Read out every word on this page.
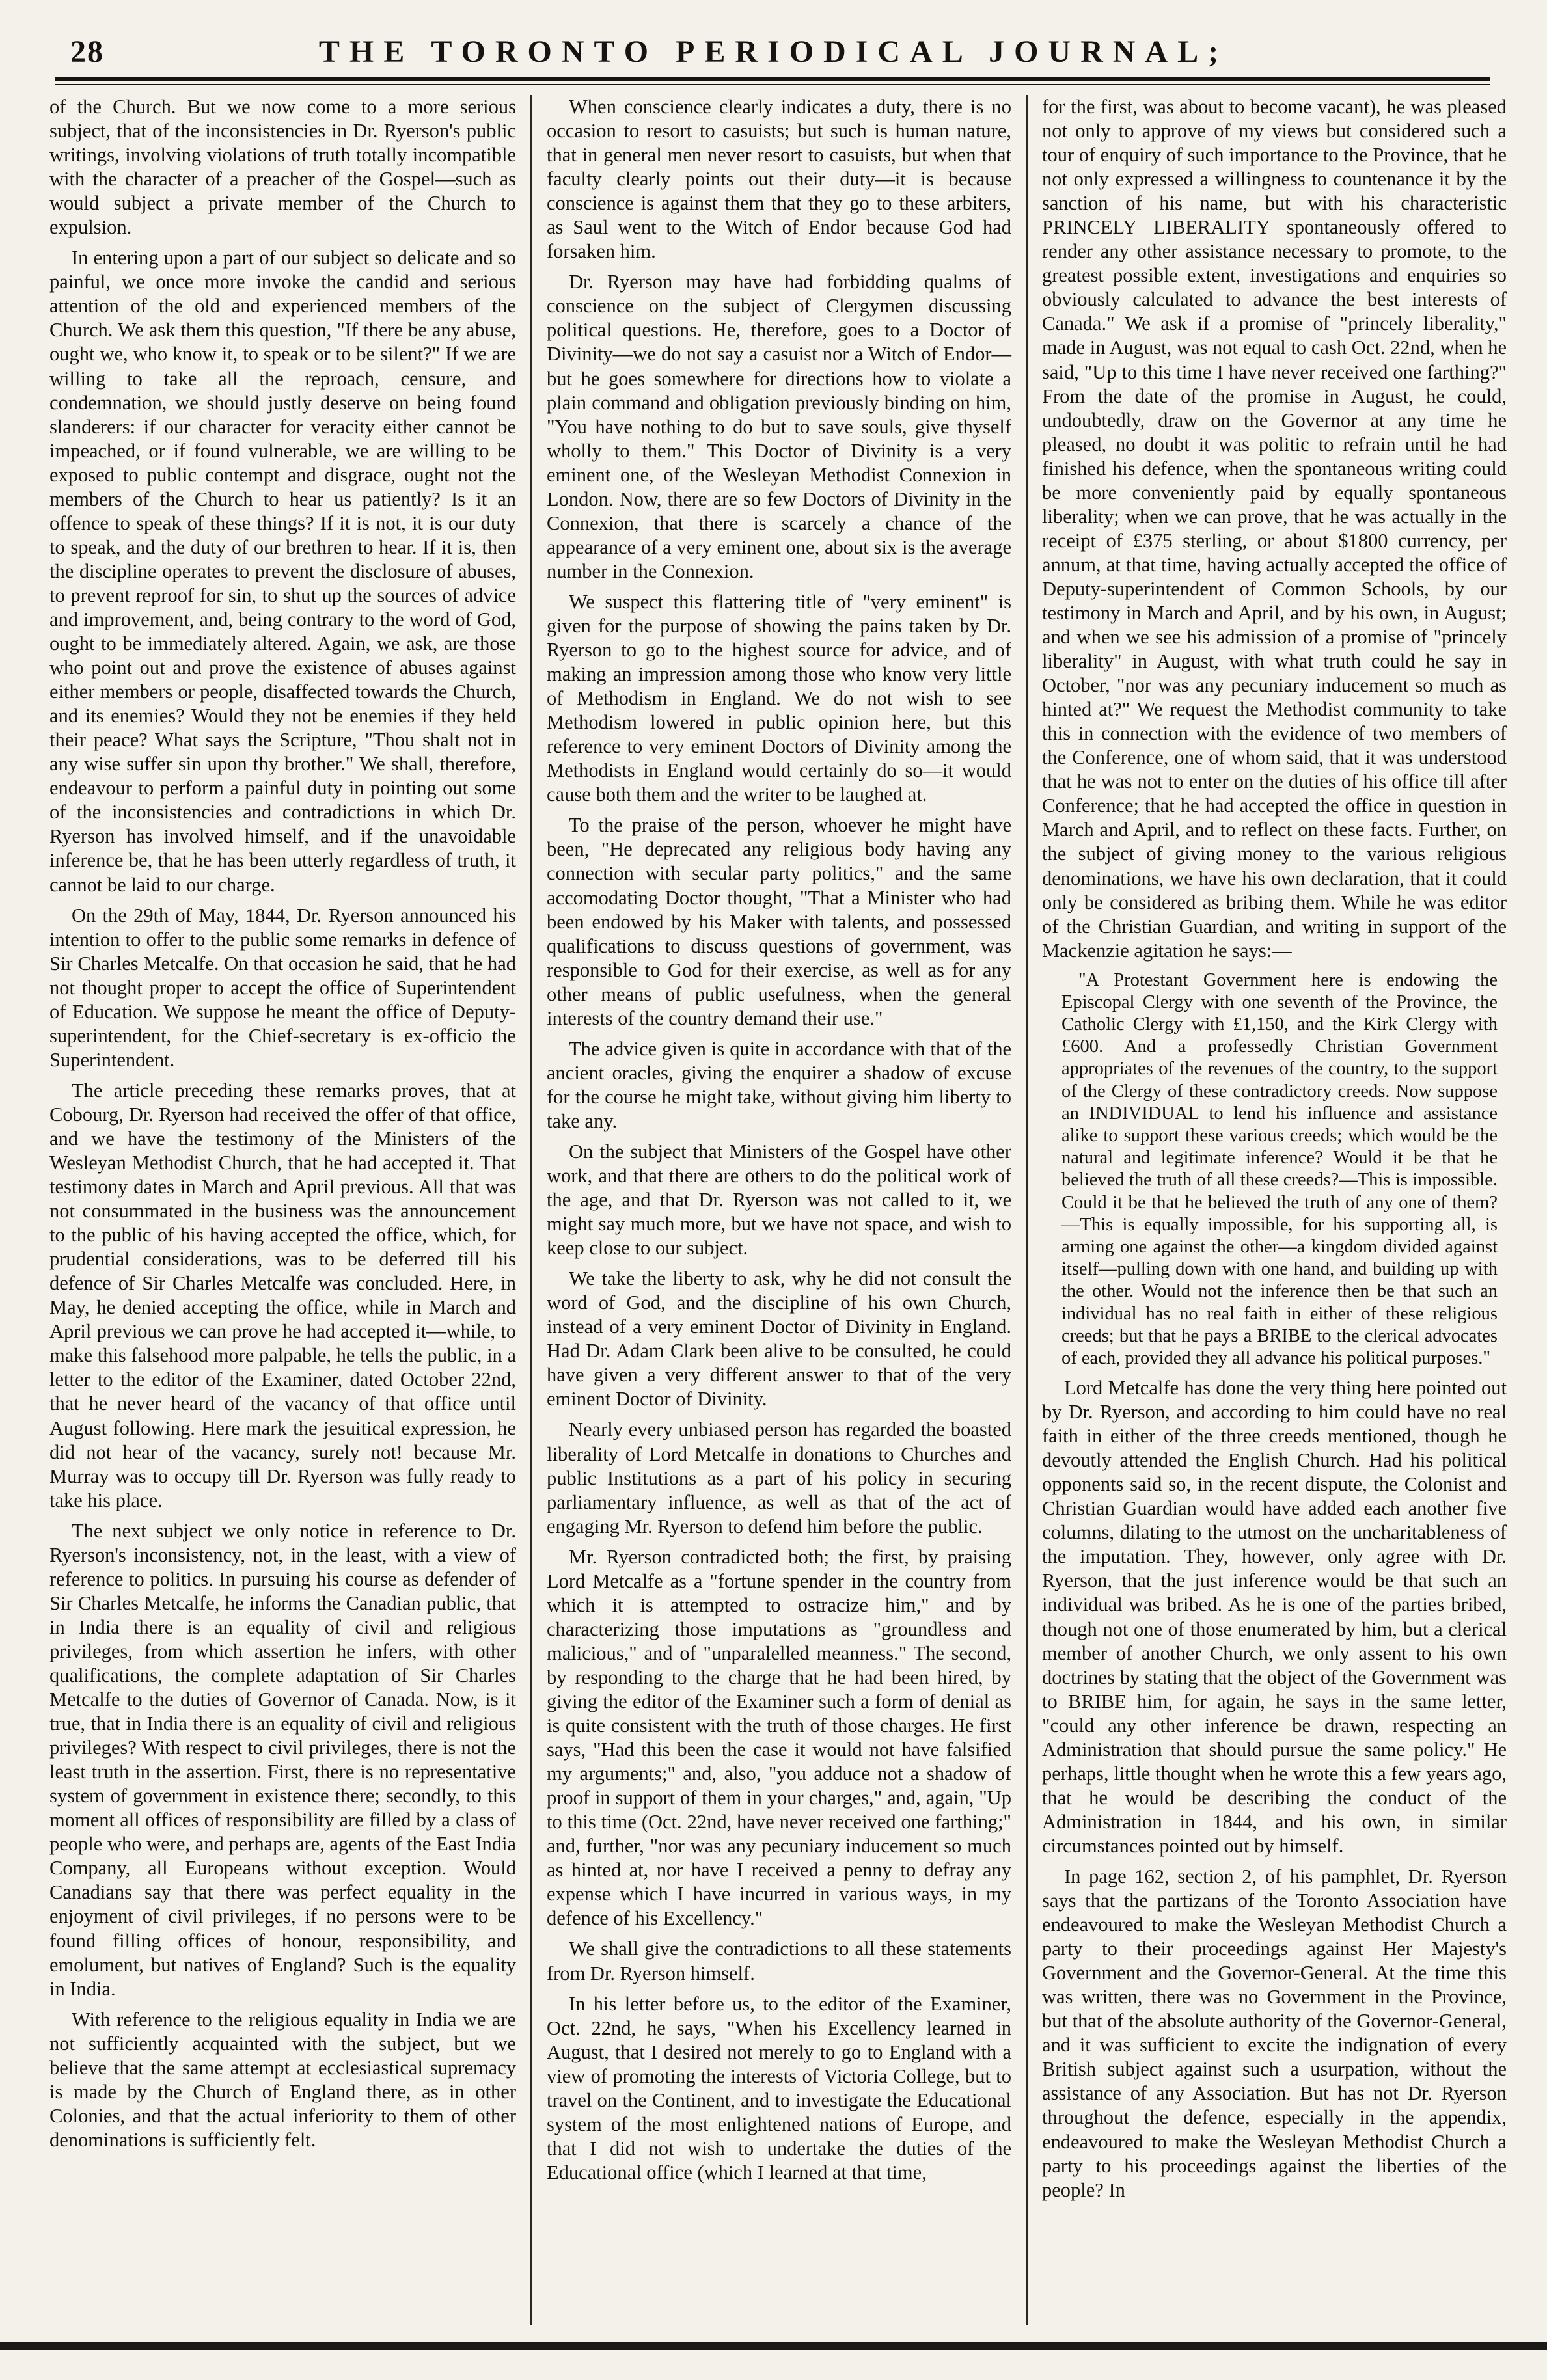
28	THE TORONTO PERIODICAL JOURNAL;

of the Church. But we now come to a more serious subject, that of the inconsistencies in Dr. Ryerson's public writings, involving violations of truth totally incompatible with the character of a preacher of the Gospel—such as would subject a private member of the Church to expulsion.

In entering upon a part of our subject so delicate and so painful, we once more invoke the candid and serious attention of the old and experienced members of the Church. We ask them this question, "If there be any abuse, ought we, who know it, to speak or to be silent?" If we are willing to take all the reproach, censure, and condemnation, we should justly deserve on being found slanderers: if our character for veracity either cannot be impeached, or if found vulnerable, we are willing to be exposed to public contempt and disgrace, ought not the members of the Church to hear us patiently? Is it an offence to speak of these things? If it is not, it is our duty to speak, and the duty of our brethren to hear. If it is, then the discipline operates to prevent the disclosure of abuses, to prevent reproof for sin, to shut up the sources of advice and improvement, and, being contrary to the word of God, ought to be immediately altered. Again, we ask, are those who point out and prove the existence of abuses against either members or people, disaffected towards the Church, and its enemies? Would they not be enemies if they held their peace? What says the Scripture, "Thou shalt not in any wise suffer sin upon thy brother." We shall, therefore, endeavour to perform a painful duty in pointing out some of the inconsistencies and contradictions in which Dr. Ryerson has involved himself, and if the unavoidable inference be, that he has been utterly regardless of truth, it cannot be laid to our charge.

On the 29th of May, 1844, Dr. Ryerson announced his intention to offer to the public some remarks in defence of Sir Charles Metcalfe. On that occasion he said, that he had not thought proper to accept the office of Superintendent of Education. We suppose he meant the office of Deputy-superintendent, for the Chief-secretary is ex-officio the Superintendent.

The article preceding these remarks proves, that at Cobourg, Dr. Ryerson had received the offer of that office, and we have the testimony of the Ministers of the Wesleyan Methodist Church, that he had accepted it. That testimony dates in March and April previous. All that was not consummated in the business was the announcement to the public of his having accepted the office, which, for prudential considerations, was to be deferred till his defence of Sir Charles Metcalfe was concluded. Here, in May, he denied accepting the office, while in March and April previous we can prove he had accepted it—while, to make this falsehood more palpable, he tells the public, in a letter to the editor of the Examiner, dated October 22nd, that he never heard of the vacancy of that office until August following. Here mark the jesuitical expression, he did not hear of the vacancy, surely not! because Mr. Murray was to occupy till Dr. Ryerson was fully ready to take his place.

The next subject we only notice in reference to Dr. Ryerson's inconsistency, not, in the least, with a view of reference to politics. In pursuing his course as defender of Sir Charles Metcalfe, he informs the Canadian public, that in India there is an equality of civil and religious privileges, from which assertion he infers, with other qualifications, the complete adaptation of Sir Charles Metcalfe to the duties of Governor of Canada. Now, is it true, that in India there is an equality of civil and religious privileges? With respect to civil privileges, there is not the least truth in the assertion. First, there is no representative system of government in existence there; secondly, to this moment all offices of responsibility are filled by a class of people who were, and perhaps are, agents of the East India Company, all Europeans without exception. Would Canadians say that there was perfect equality in the enjoyment of civil privileges, if no persons were to be found filling offices of honour, responsibility, and emolument, but natives of England? Such is the equality in India.

With reference to the religious equality in India we are not sufficiently acquainted with the subject, but we believe that the same attempt at ecclesiastical supremacy is made by the Church of England there, as in other Colonies, and that the actual inferiority to them of other denominations is sufficiently felt.

When conscience clearly indicates a duty, there is no occasion to resort to casuists; but such is human nature, that in general men never resort to casuists, but when that faculty clearly points out their duty—it is because conscience is against them that they go to these arbiters, as Saul went to the Witch of Endor because God had forsaken him.

Dr. Ryerson may have had forbidding qualms of conscience on the subject of Clergymen discussing political questions. He, therefore, goes to a Doctor of Divinity—we do not say a casuist nor a Witch of Endor—but he goes somewhere for directions how to violate a plain command and obligation previously binding on him, "You have nothing to do but to save souls, give thyself wholly to them." This Doctor of Divinity is a very eminent one, of the Wesleyan Methodist Connexion in London. Now, there are so few Doctors of Divinity in the Connexion, that there is scarcely a chance of the appearance of a very eminent one, about six is the average number in the Connexion.

We suspect this flattering title of "very eminent" is given for the purpose of showing the pains taken by Dr. Ryerson to go to the highest source for advice, and of making an impression among those who know very little of Methodism in England. We do not wish to see Methodism lowered in public opinion here, but this reference to very eminent Doctors of Divinity among the Methodists in England would certainly do so—it would cause both them and the writer to be laughed at.

To the praise of the person, whoever he might have been, "He deprecated any religious body having any connection with secular party politics," and the same accomodating Doctor thought, "That a Minister who had been endowed by his Maker with talents, and possessed qualifications to discuss questions of government, was responsible to God for their exercise, as well as for any other means of public usefulness, when the general interests of the country demand their use."

The advice given is quite in accordance with that of the ancient oracles, giving the enquirer a shadow of excuse for the course he might take, without giving him liberty to take any.

On the subject that Ministers of the Gospel have other work, and that there are others to do the political work of the age, and that Dr. Ryerson was not called to it, we might say much more, but we have not space, and wish to keep close to our subject.

We take the liberty to ask, why he did not consult the word of God, and the discipline of his own Church, instead of a very eminent Doctor of Divinity in England. Had Dr. Adam Clark been alive to be consulted, he could have given a very different answer to that of the very eminent Doctor of Divinity.

Nearly every unbiased person has regarded the boasted liberality of Lord Metcalfe in donations to Churches and public Institutions as a part of his policy in securing parliamentary influence, as well as that of the act of engaging Mr. Ryerson to defend him before the public.

Mr. Ryerson contradicted both; the first, by praising Lord Metcalfe as a "fortune spender in the country from which it is attempted to ostracize him," and by characterizing those imputations as "groundless and malicious," and of "unparalelled meanness." The second, by responding to the charge that he had been hired, by giving the editor of the Examiner such a form of denial as is quite consistent with the truth of those charges. He first says, "Had this been the case it would not have falsified my arguments;" and, also, "you adduce not a shadow of proof in support of them in your charges," and, again, "Up to this time (Oct. 22nd, have never received one farthing;" and, further, "nor was any pecuniary inducement so much as hinted at, nor have I received a penny to defray any expense which I have incurred in various ways, in my defence of his Excellency."

We shall give the contradictions to all these statements from Dr. Ryerson himself.

In his letter before us, to the editor of the Examiner, Oct. 22nd, he says, "When his Excellency learned in August, that I desired not merely to go to England with a view of promoting the interests of Victoria College, but to travel on the Continent, and to investigate the Educational system of the most enlightened nations of Europe, and that I did not wish to undertake the duties of the Educational office (which I learned at that time,

for the first, was about to become vacant), he was pleased not only to approve of my views but considered such a tour of enquiry of such importance to the Province, that he not only expressed a willingness to countenance it by the sanction of his name, but with his characteristic PRINCELY LIBERALITY spontaneously offered to render any other assistance necessary to promote, to the greatest possible extent, investigations and enquiries so obviously calculated to advance the best interests of Canada." We ask if a promise of "princely liberality," made in August, was not equal to cash Oct. 22nd, when he said, "Up to this time I have never received one farthing?" From the date of the promise in August, he could, undoubtedly, draw on the Governor at any time he pleased, no doubt it was politic to refrain until he had finished his defence, when the spontaneous writing could be more conveniently paid by equally spontaneous liberality; when we can prove, that he was actually in the receipt of £375 sterling, or about $1800 currency, per annum, at that time, having actually accepted the office of Deputy-superintendent of Common Schools, by our testimony in March and April, and by his own, in August; and when we see his admission of a promise of "princely liberality" in August, with what truth could he say in October, "nor was any pecuniary inducement so much as hinted at?" We request the Methodist community to take this in connection with the evidence of two members of the Conference, one of whom said, that it was understood that he was not to enter on the duties of his office till after Conference; that he had accepted the office in question in March and April, and to reflect on these facts. Further, on the subject of giving money to the various religious denominations, we have his own declaration, that it could only be considered as bribing them. While he was editor of the Christian Guardian, and writing in support of the Mackenzie agitation he says:—

"A Protestant Government here is endowing the Episcopal Clergy with one seventh of the Province, the Catholic Clergy with £1,150, and the Kirk Clergy with £600. And a professedly Christian Government appropriates of the revenues of the country, to the support of the Clergy of these contradictory creeds. Now suppose an INDIVIDUAL to lend his influence and assistance alike to support these various creeds; which would be the natural and legitimate inference? Would it be that he believed the truth of all these creeds?—This is impossible. Could it be that he believed the truth of any one of them?—This is equally impossible, for his supporting all, is arming one against the other—a kingdom divided against itself—pulling down with one hand, and building up with the other. Would not the inference then be that such an individual has no real faith in either of these religious creeds; but that he pays a BRIBE to the clerical advocates of each, provided they all advance his political purposes."

Lord Metcalfe has done the very thing here pointed out by Dr. Ryerson, and according to him could have no real faith in either of the three creeds mentioned, though he devoutly attended the English Church. Had his political opponents said so, in the recent dispute, the Colonist and Christian Guardian would have added each another five columns, dilating to the utmost on the uncharitableness of the imputation. They, however, only agree with Dr. Ryerson, that the just inference would be that such an individual was bribed. As he is one of the parties bribed, though not one of those enumerated by him, but a clerical member of another Church, we only assent to his own doctrines by stating that the object of the Government was to BRIBE him, for again, he says in the same letter, "could any other inference be drawn, respecting an Administration that should pursue the same policy." He perhaps, little thought when he wrote this a few years ago, that he would be describing the conduct of the Administration in 1844, and his own, in similar circumstances pointed out by himself.

In page 162, section 2, of his pamphlet, Dr. Ryerson says that the partizans of the Toronto Association have endeavoured to make the Wesleyan Methodist Church a party to their proceedings against Her Majesty's Government and the Governor-General. At the time this was written, there was no Government in the Province, but that of the absolute authority of the Governor-General, and it was sufficient to excite the indignation of every British subject against such a usurpation, without the assistance of any Association. But has not Dr. Ryerson throughout the defence, especially in the appendix, endeavoured to make the Wesleyan Methodist Church a party to his proceedings against the liberties of the people? In
